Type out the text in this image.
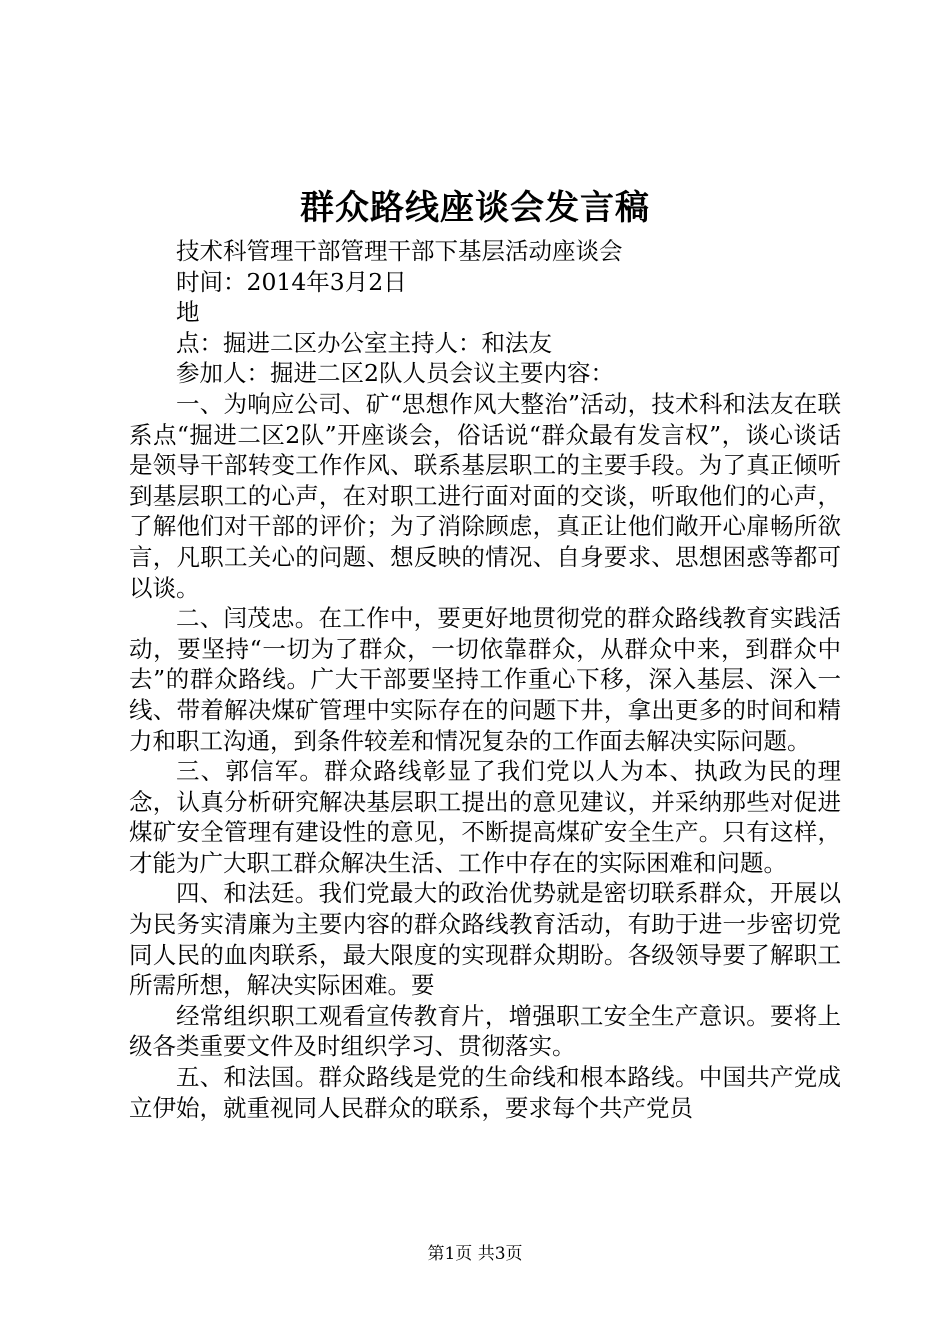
群众路线座谈会发言稿

技术科管理干部管理干部下基层活动座谈会

时间：2014年3月2日

地

点：掘进二区办公室主持人：和法友

参加人：掘进二区2队人员会议主要内容：

一、为响应公司、矿“思想作风大整治”活动，技术科和法友在联系点“掘进二区2队”开座谈会，俗话说“群众最有发言权”，谈心谈话是领导干部转变工作作风、联系基层职工的主要手段。为了真正倾听到基层职工的心声，在对职工进行面对面的交谈，听取他们的心声，了解他们对干部的评价；为了消除顾虑，真正让他们敞开心扉畅所欲言，凡职工关心的问题、想反映的情况、自身要求、思想困惑等都可以谈。

二、闫茂忠。在工作中，要更好地贯彻党的群众路线教育实践活动，要坚持“一切为了群众，一切依靠群众，从群众中来，到群众中去”的群众路线。广大干部要坚持工作重心下移，深入基层、深入一线、带着解决煤矿管理中实际存在的问题下井，拿出更多的时间和精力和职工沟通，到条件较差和情况复杂的工作面去解决实际问题。

三、郭信军。群众路线彰显了我们党以人为本、执政为民的理念，认真分析研究解决基层职工提出的意见建议，并采纳那些对促进煤矿安全管理有建设性的意见，不断提高煤矿安全生产。只有这样，才能为广大职工群众解决生活、工作中存在的实际困难和问题。

四、和法廷。我们党最大的政治优势就是密切联系群众，开展以为民务实清廉为主要内容的群众路线教育活动，有助于进一步密切党同人民的血肉联系，最大限度的实现群众期盼。各级领导要了解职工所需所想，解决实际困难。要

经常组织职工观看宣传教育片，增强职工安全生产意识。要将上级各类重要文件及时组织学习、贯彻落实。

五、和法国。群众路线是党的生命线和根本路线。中国共产党成立伊始，就重视同人民群众的联系，要求每个共产党员

第1页 共3页
